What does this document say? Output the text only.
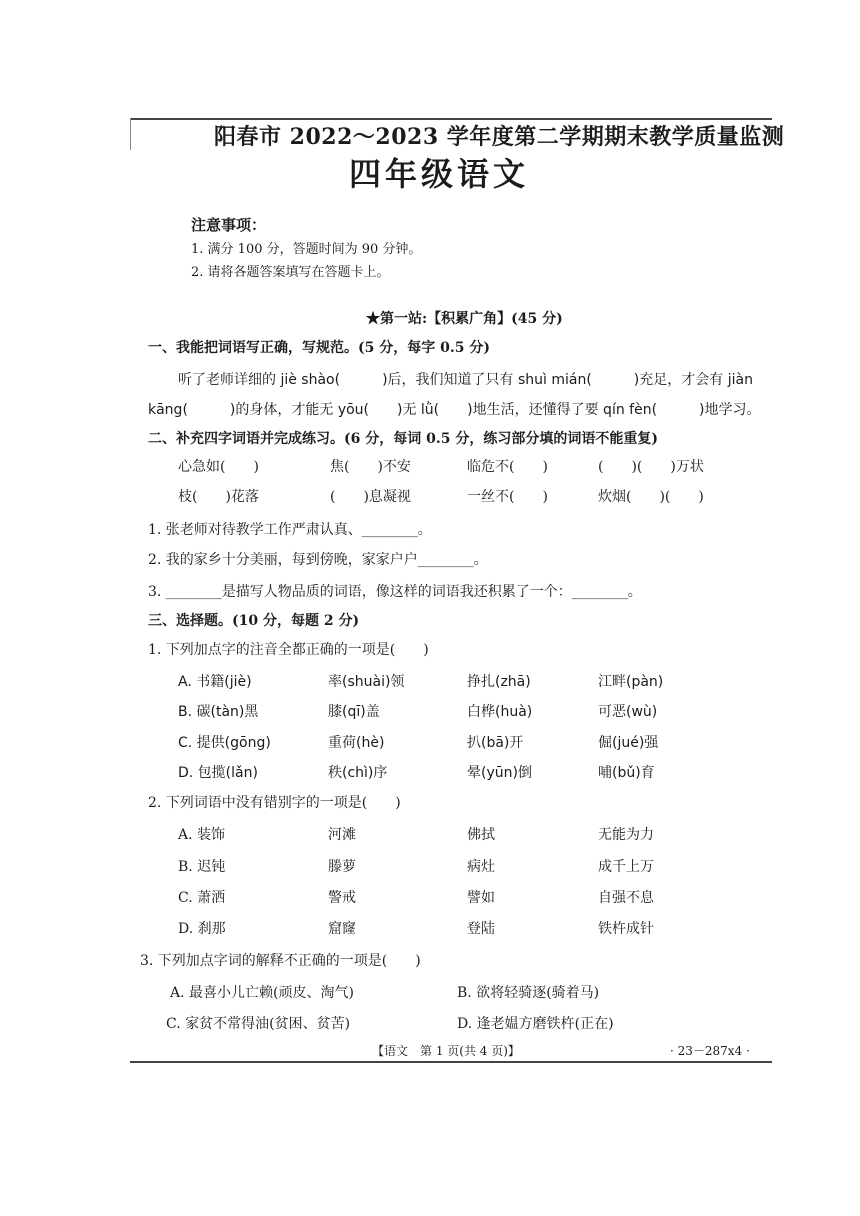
阳春市 2022～2023 学年度第二学期期末教学质量监测
四年级语文
注意事项：
1. 满分 100 分，答题时间为 90 分钟。
2. 请将各题答案填写在答题卡上。
★第一站:【积累广角】(45 分)
一、我能把词语写正确，写规范。(5 分，每字 0.5 分)
听了老师详细的 jiè shào(　　　)后，我们知道了只有 shuì mián(　　　)充足，才会有 jiàn
kāng(　　　)的身体，才能无 yōu(　　)无 lǜ(　　)地生活，还懂得了要 qín fèn(　　　)地学习。
二、补充四字词语并完成练习。(6 分，每词 0.5 分，练习部分填的词语不能重复)
心急如(　　)	焦(　　)不安	临危不(　　)	(　　)(　　)万状
枝(　　)花落	(　　)息凝视	一丝不(　　)	炊烟(　　)(　　)
1. 张老师对待教学工作严肃认真、________。
2. 我的家乡十分美丽，每到傍晚，家家户户________。
3. ________是描写人物品质的词语，像这样的词语我还积累了一个：________。
三、选择题。(10 分，每题 2 分)
1. 下列加点字的注音全都正确的一项是(　　)
A. 书籍(jiè)	率(shuài)领	挣扎(zhā)	江畔(pàn)
B. 碳(tàn)黑	膝(qī)盖	白桦(huà)	可恶(wù)
C. 提供(gōng)	重荷(hè)	扒(bā)开	倔(jué)强
D. 包揽(lǎn)	秩(chì)序	晕(yūn)倒	哺(bǔ)育
2. 下列词语中没有错别字的一项是(　　)
A. 装饰	河滩	佛拭	无能为力
B. 迟钝	滕萝	病灶	成千上万
C. 萧洒	警戒	譬如	自强不息
D. 刹那	窟窿	登陆	铁杵成针
3. 下列加点字词的解释不正确的一项是(　　)
A. 最喜小儿亡赖(顽皮、淘气)	B. 欲将轻骑逐(骑着马)
C. 家贫不常得油(贫困、贫苦)	D. 逢老媪方磨铁杵(正在)
【语文　第 1 页(共 4 页)】	· 23－287x4 ·
